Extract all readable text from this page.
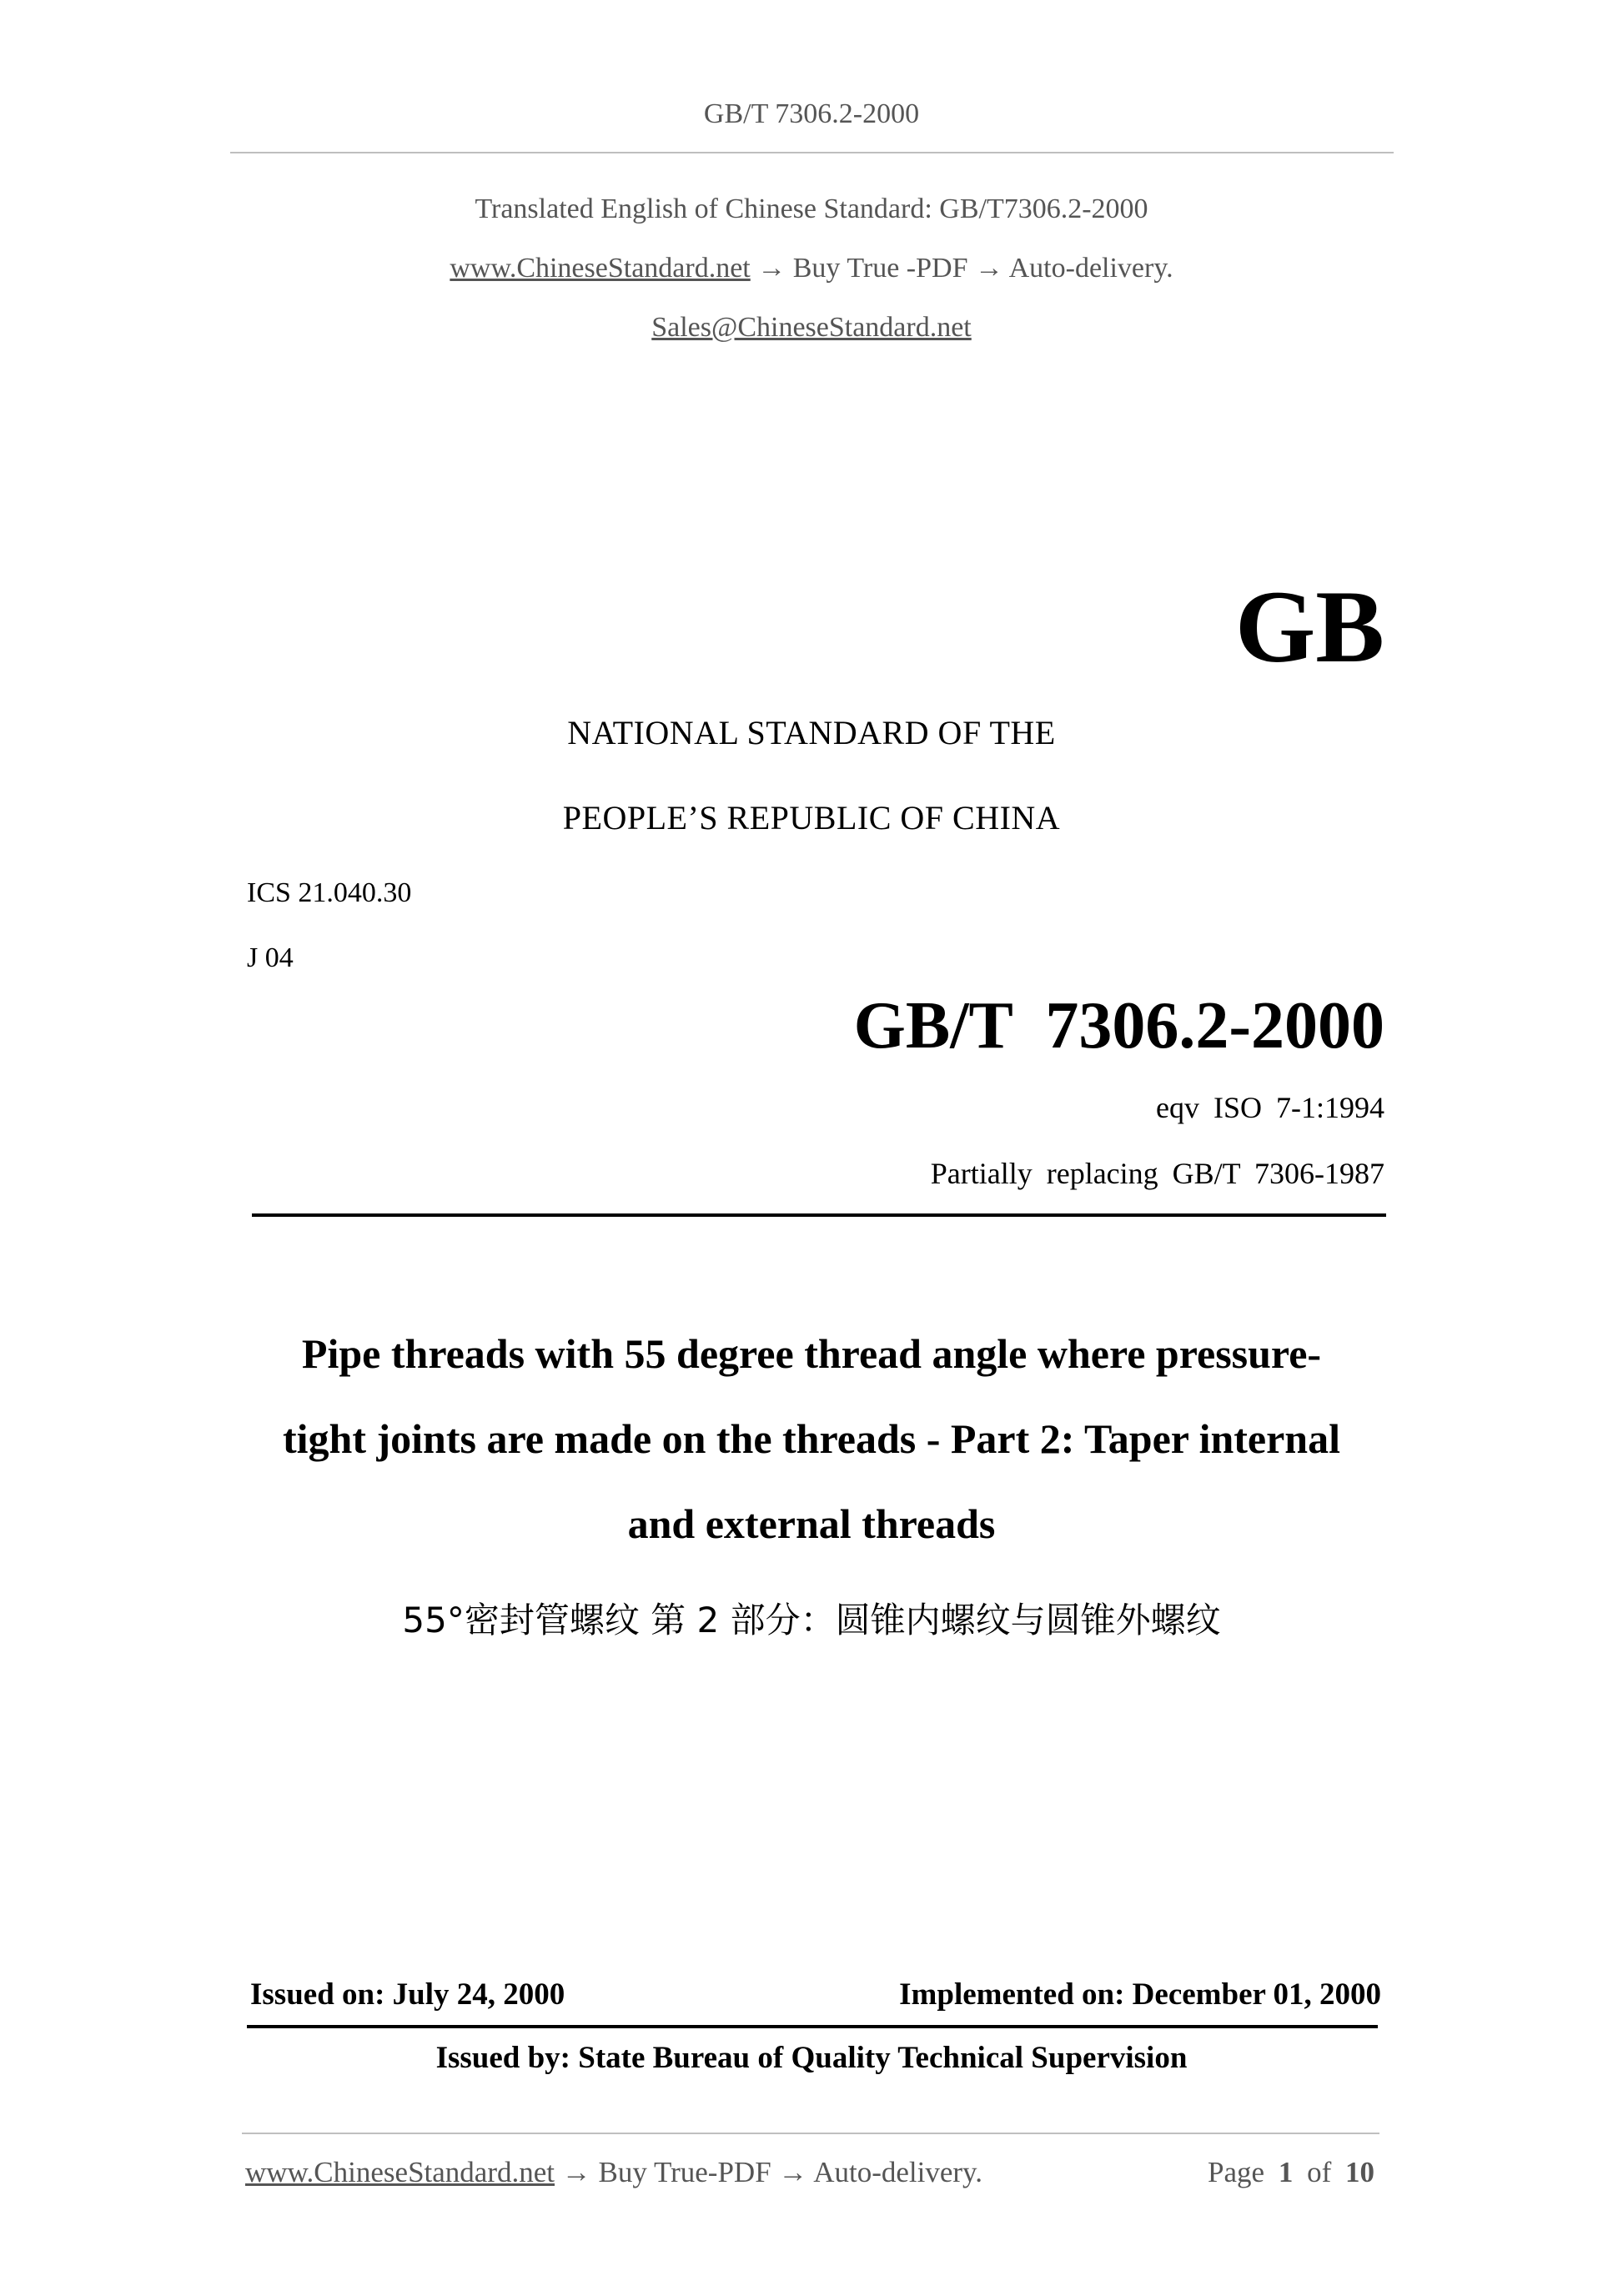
GB/T 7306.2-2000
Translated English of Chinese Standard: GB/T7306.2-2000
www.ChineseStandard.net → Buy True -PDF → Auto-delivery.
Sales@ChineseStandard.net
GB
NATIONAL STANDARD OF THE
PEOPLE’S REPUBLIC OF CHINA
ICS 21.040.30
J 04
GB/T 7306.2-2000
eqv ISO 7-1:1994
Partially replacing GB/T 7306-1987
Pipe threads with 55 degree thread angle where pressure-
tight joints are made on the threads - Part 2: Taper internal
and external threads
55°密封管螺纹 第 2 部分：圆锥内螺纹与圆锥外螺纹
Issued on: July 24, 2000	Implemented on: December 01, 2000
Issued by: State Bureau of Quality Technical Supervision
www.ChineseStandard.net → Buy True-PDF → Auto-delivery.	Page 1 of 10
